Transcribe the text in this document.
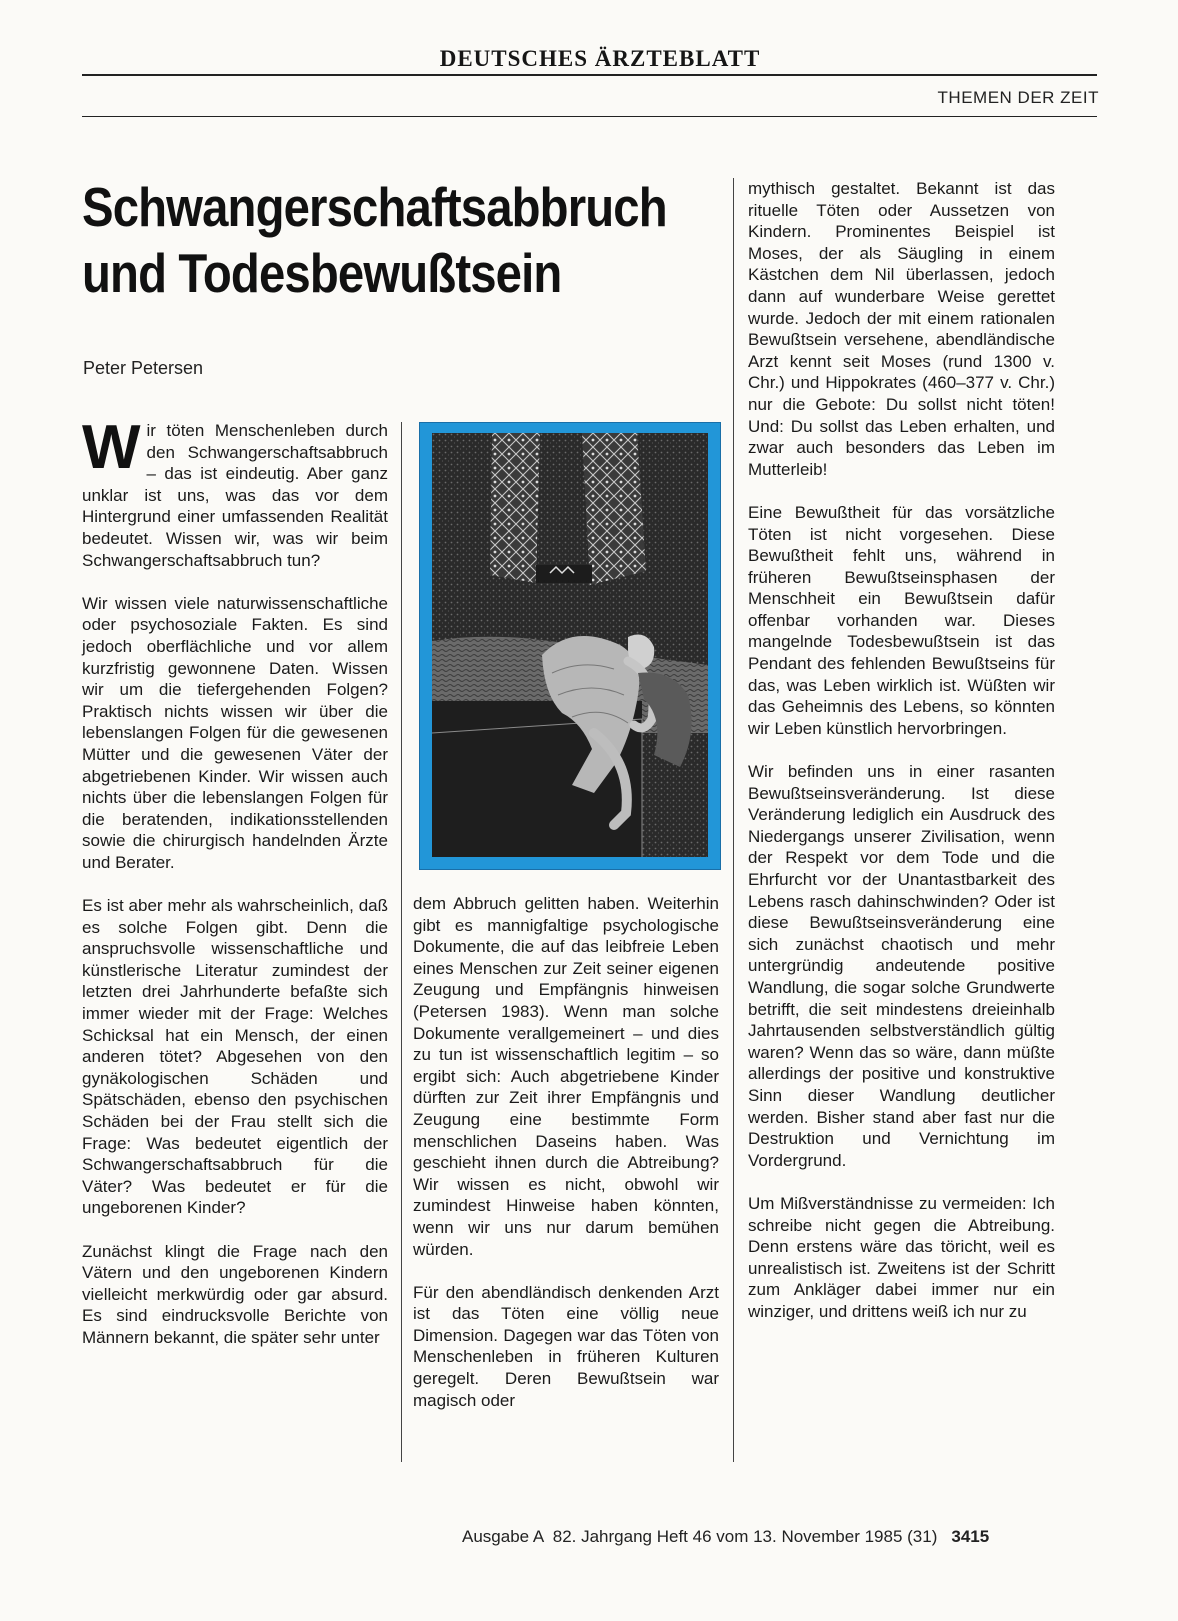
DEUTSCHES ÄRZTEBLATT
THEMEN DER ZEIT
Schwangerschaftsabbruch
und Todesbewußtsein
Peter Petersen

Wir töten Menschenleben durch den Schwangerschaftsabbruch – das ist eindeutig. Aber ganz unklar ist uns, was das vor dem Hintergrund einer umfassenden Realität bedeutet. Wissen wir, was wir beim Schwangerschaftsabbruch tun?

Wir wissen viele naturwissenschaftliche oder psychosoziale Fakten. Es sind jedoch oberflächliche und vor allem kurzfristig gewonnene Daten. Wissen wir um die tiefergehenden Folgen? Praktisch nichts wissen wir über die lebenslangen Folgen für die gewesenen Mütter und die gewesenen Väter der abgetriebenen Kinder. Wir wissen auch nichts über die lebenslangen Folgen für die beratenden, indikationsstellenden sowie die chirurgisch handelnden Ärzte und Berater.

Es ist aber mehr als wahrscheinlich, daß es solche Folgen gibt. Denn die anspruchsvolle wissenschaftliche und künstlerische Literatur zumindest der letzten drei Jahrhunderte befaßte sich immer wieder mit der Frage: Welches Schicksal hat ein Mensch, der einen anderen tötet? Abgesehen von den gynäkologischen Schäden und Spätschäden, ebenso den psychischen Schäden bei der Frau stellt sich die Frage: Was bedeutet eigentlich der Schwangerschaftsabbruch für die Väter? Was bedeutet er für die ungeborenen Kinder?

Zunächst klingt die Frage nach den Vätern und den ungeborenen Kindern vielleicht merkwürdig oder gar absurd. Es sind eindrucksvolle Berichte von Männern bekannt, die später sehr unter

dem Abbruch gelitten haben. Weiterhin gibt es mannigfaltige psychologische Dokumente, die auf das leibfreie Leben eines Menschen zur Zeit seiner eigenen Zeugung und Empfängnis hinweisen (Petersen 1983). Wenn man solche Dokumente verallgemeinert – und dies zu tun ist wissenschaftlich legitim – so ergibt sich: Auch abgetriebene Kinder dürften zur Zeit ihrer Empfängnis und Zeugung eine bestimmte Form menschlichen Daseins haben. Was geschieht ihnen durch die Abtreibung? Wir wissen es nicht, obwohl wir zumindest Hinweise haben könnten, wenn wir uns nur darum bemühen würden.

Für den abendländisch denkenden Arzt ist das Töten eine völlig neue Dimension. Dagegen war das Töten von Menschenleben in früheren Kulturen geregelt. Deren Bewußtsein war magisch oder

mythisch gestaltet. Bekannt ist das rituelle Töten oder Aussetzen von Kindern. Prominentes Beispiel ist Moses, der als Säugling in einem Kästchen dem Nil überlassen, jedoch dann auf wunderbare Weise gerettet wurde. Jedoch der mit einem rationalen Bewußtsein versehene, abendländische Arzt kennt seit Moses (rund 1300 v. Chr.) und Hippokrates (460–377 v. Chr.) nur die Gebote: Du sollst nicht töten! Und: Du sollst das Leben erhalten, und zwar auch besonders das Leben im Mutterleib!

Eine Bewußtheit für das vorsätzliche Töten ist nicht vorgesehen. Diese Bewußtheit fehlt uns, während in früheren Bewußtseinsphasen der Menschheit ein Bewußtsein dafür offenbar vorhanden war. Dieses mangelnde Todesbewußtsein ist das Pendant des fehlenden Bewußtseins für das, was Leben wirklich ist. Wüßten wir das Geheimnis des Lebens, so könnten wir Leben künstlich hervorbringen.

Wir befinden uns in einer rasanten Bewußtseinsveränderung. Ist diese Veränderung lediglich ein Ausdruck des Niedergangs unserer Zivilisation, wenn der Respekt vor dem Tode und die Ehrfurcht vor der Unantastbarkeit des Lebens rasch dahinschwinden? Oder ist diese Bewußtseinsveränderung eine sich zunächst chaotisch und mehr untergründig andeutende positive Wandlung, die sogar solche Grundwerte betrifft, die seit mindestens dreieinhalb Jahrtausenden selbstverständlich gültig waren? Wenn das so wäre, dann müßte allerdings der positive und konstruktive Sinn dieser Wandlung deutlicher werden. Bisher stand aber fast nur die Destruktion und Vernichtung im Vordergrund.

Um Mißverständnisse zu vermeiden: Ich schreibe nicht gegen die Abtreibung. Denn erstens wäre das töricht, weil es unrealistisch ist. Zweitens ist der Schritt zum Ankläger dabei immer nur ein winziger, und drittens weiß ich nur zu

Ausgabe A  82. Jahrgang Heft 46 vom 13. November 1985 (31) 3415
